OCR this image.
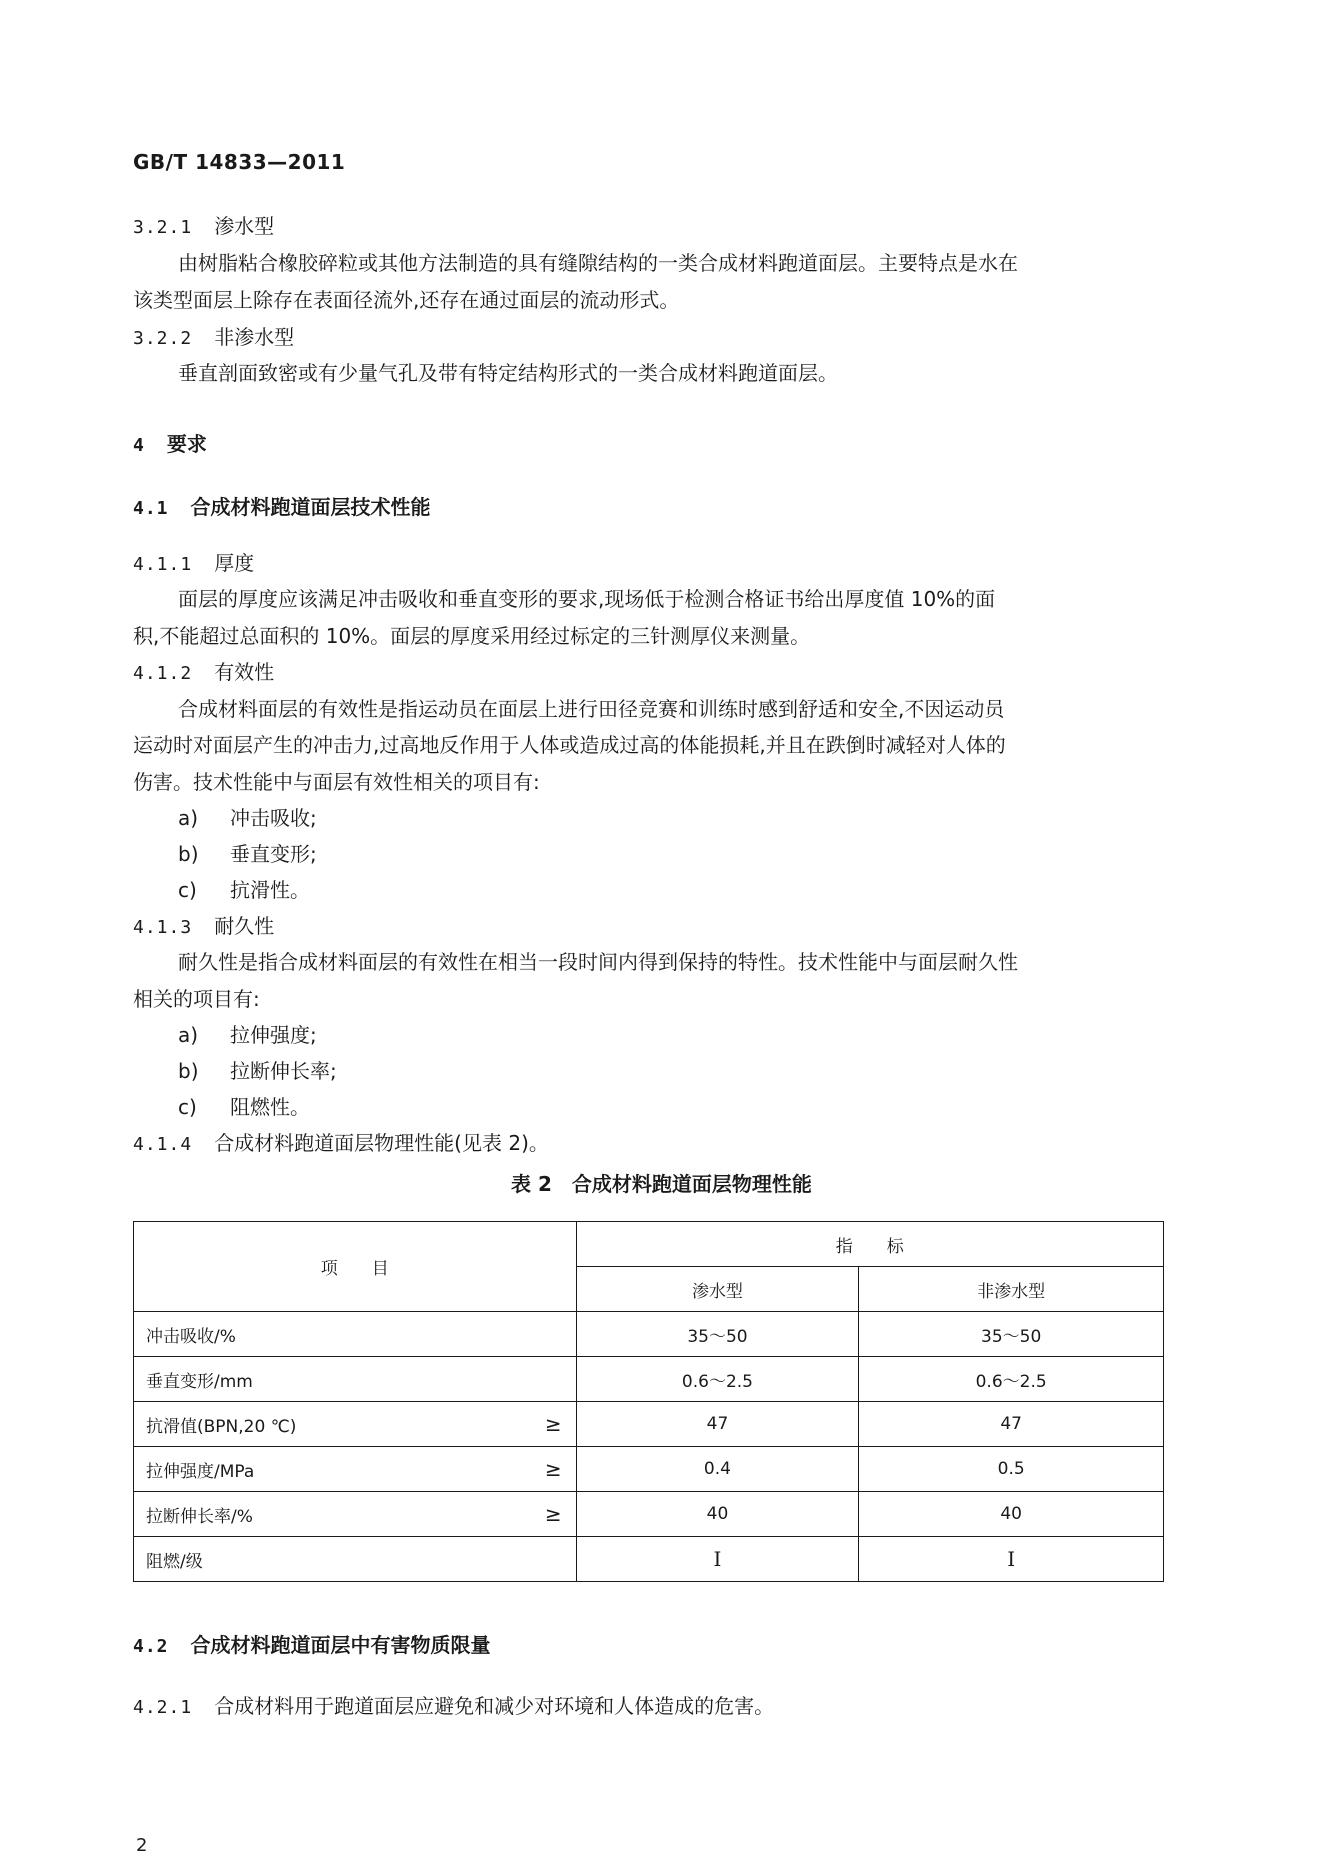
GB/T 14833—2011
3.2.1 渗水型
由树脂粘合橡胶碎粒或其他方法制造的具有缝隙结构的一类合成材料跑道面层。主要特点是水在
该类型面层上除存在表面径流外,还存在通过面层的流动形式。
3.2.2 非渗水型
垂直剖面致密或有少量气孔及带有特定结构形式的一类合成材料跑道面层。
4 要求
4.1 合成材料跑道面层技术性能
4.1.1 厚度
面层的厚度应该满足冲击吸收和垂直变形的要求,现场低于检测合格证书给出厚度值 10%的面
积,不能超过总面积的 10%。面层的厚度采用经过标定的三针测厚仪来测量。
4.1.2 有效性
合成材料面层的有效性是指运动员在面层上进行田径竞赛和训练时感到舒适和安全,不因运动员
运动时对面层产生的冲击力,过高地反作用于人体或造成过高的体能损耗,并且在跌倒时减轻对人体的
伤害。技术性能中与面层有效性相关的项目有:
a) 冲击吸收;
b) 垂直变形;
c) 抗滑性。
4.1.3 耐久性
耐久性是指合成材料面层的有效性在相当一段时间内得到保持的特性。技术性能中与面层耐久性
相关的项目有:
a) 拉伸强度;
b) 拉断伸长率;
c) 阻燃性。
4.1.4 合成材料跑道面层物理性能(见表 2)。
表 2　合成材料跑道面层物理性能
项　　目	指　　标	
	渗水型	非渗水型
冲击吸收/%	35～50	35～50
垂直变形/mm	0.6～2.5	0.6～2.5
抗滑值(BPN,20 ℃) ≥	47	47
拉伸强度/MPa ≥	0.4	0.5
拉断伸长率/% ≥	40	40
阻燃/级	Ⅰ	Ⅰ
4.2 合成材料跑道面层中有害物质限量
4.2.1 合成材料用于跑道面层应避免和减少对环境和人体造成的危害。
2
